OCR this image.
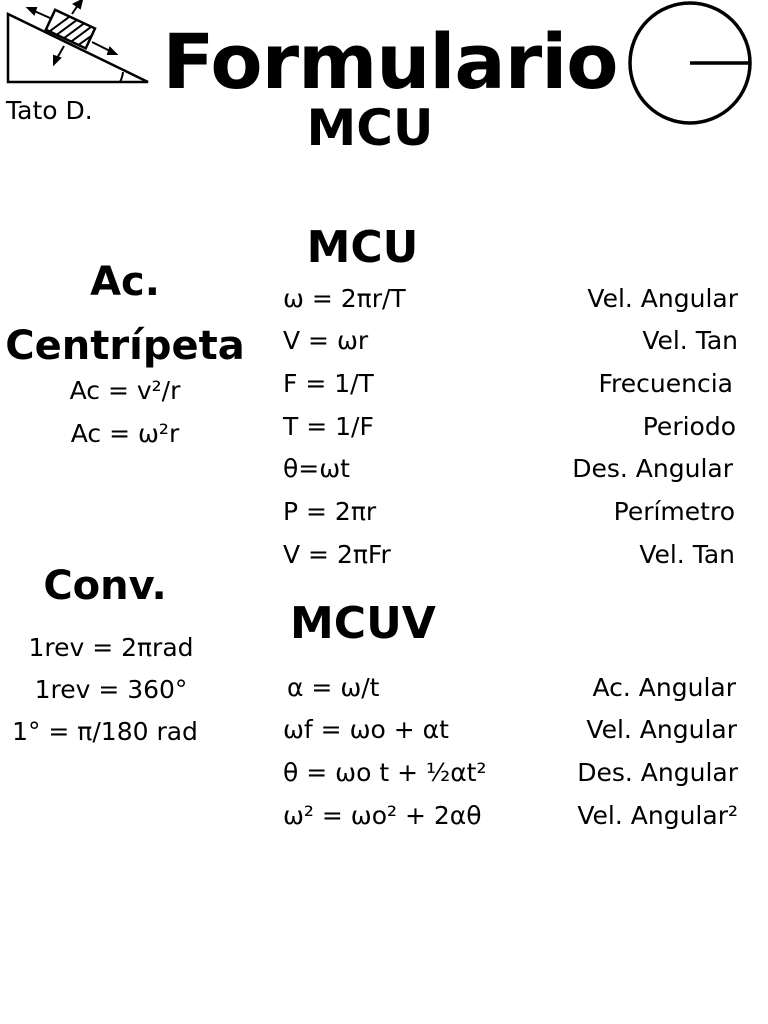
Formulario
MCU
Tato D.
Ac.
Centrípeta
Ac = v²/r
Ac = ω²r
Conv.
1rev = 2πrad
1rev = 360°
1° = π/180 rad
MCU
ω = 2πr/T	Vel. Angular
V = ωr	Vel. Tan
F = 1/T	Frecuencia
T = 1/F	Periodo
θ=ωt	Des. Angular
P = 2πr	Perímetro
V = 2πFr	Vel. Tan
MCUV
α = ω/t	Ac. Angular
ωf = ωo + αt	Vel. Angular
θ = ωo t + ½αt²	Des. Angular
ω² = ωo² + 2αθ	Vel. Angular²
